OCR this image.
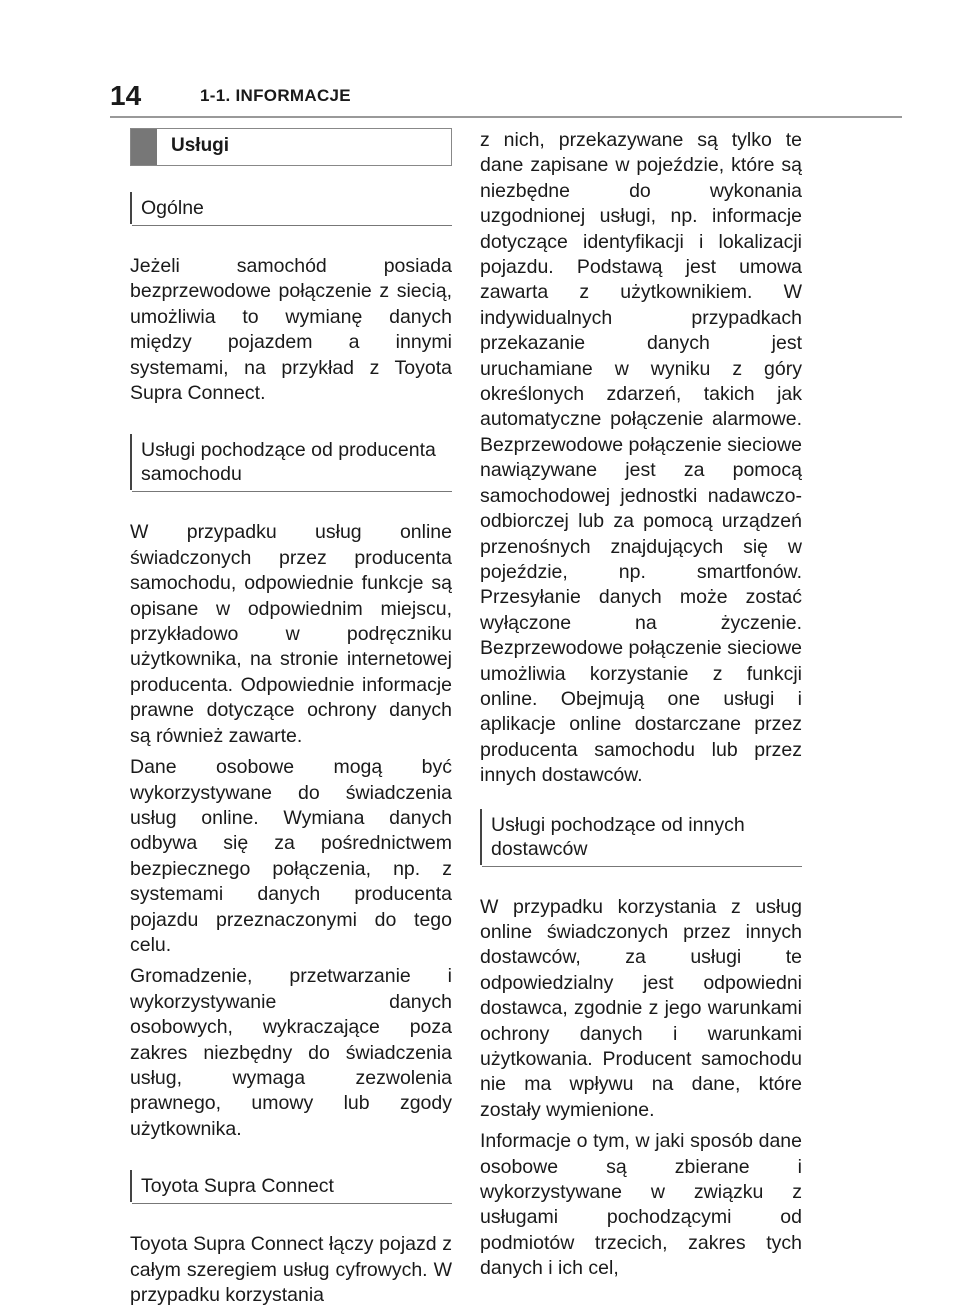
14	1-1. INFORMACJE
Usługi
Ogólne

Jeżeli samochód posiada bezprzewodowe połączenie z siecią, umożliwia to wymianę danych między pojazdem a innymi systemami, na przykład z Toyota Supra Connect.

Usługi pochodzące od producenta samochodu

W przypadku usług online świadczonych przez producenta samochodu, odpowiednie funkcje są opisane w odpowiednim miejscu, przykładowo w podręczniku użytkownika, na stronie internetowej producenta. Odpowiednie informacje prawne dotyczące ochrony danych są również zawarte.

Dane osobowe mogą być wykorzystywane do świadczenia usług online. Wymiana danych odbywa się za pośrednictwem bezpiecznego połączenia, np. z systemami danych producenta pojazdu przeznaczonymi do tego celu.

Gromadzenie, przetwarzanie i wykorzystywanie danych osobowych, wykraczające poza zakres niezbędny do świadczenia usług, wymaga zezwolenia prawnego, umowy lub zgody użytkownika.

Toyota Supra Connect

Toyota Supra Connect łączy pojazd z całym szeregiem usług cyfrowych. W przypadku korzystania

z nich, przekazywane są tylko te dane zapisane w pojeździe, które są niezbędne do wykonania uzgodnionej usługi, np. informacje dotyczące identyfikacji i lokalizacji pojazdu. Podstawą jest umowa zawarta z użytkownikiem. W indywidualnych przypadkach przekazanie danych jest uruchamiane w wyniku z góry określonych zdarzeń, takich jak automatyczne połączenie alarmowe. Bezprzewodowe połączenie sieciowe nawiązywane jest za pomocą samochodowej jednostki nadawczo-odbiorczej lub za pomocą urządzeń przenośnych znajdujących się w pojeździe, np. smartfonów. Przesyłanie danych może zostać wyłączone na życzenie. Bezprzewodowe połączenie sieciowe umożliwia korzystanie z funkcji online. Obejmują one usługi i aplikacje online dostarczane przez producenta samochodu lub przez innych dostawców.

Usługi pochodzące od innych dostawców

W przypadku korzystania z usług online świadczonych przez innych dostawców, za usługi te odpowiedzialny jest odpowiedni dostawca, zgodnie z jego warunkami ochrony danych i warunkami użytkowania. Producent samochodu nie ma wpływu na dane, które zostały wymienione.

Informacje o tym, w jaki sposób dane osobowe są zbierane i wykorzystywane w związku z usługami pochodzącymi od podmiotów trzecich, zakres tych danych i ich cel,
